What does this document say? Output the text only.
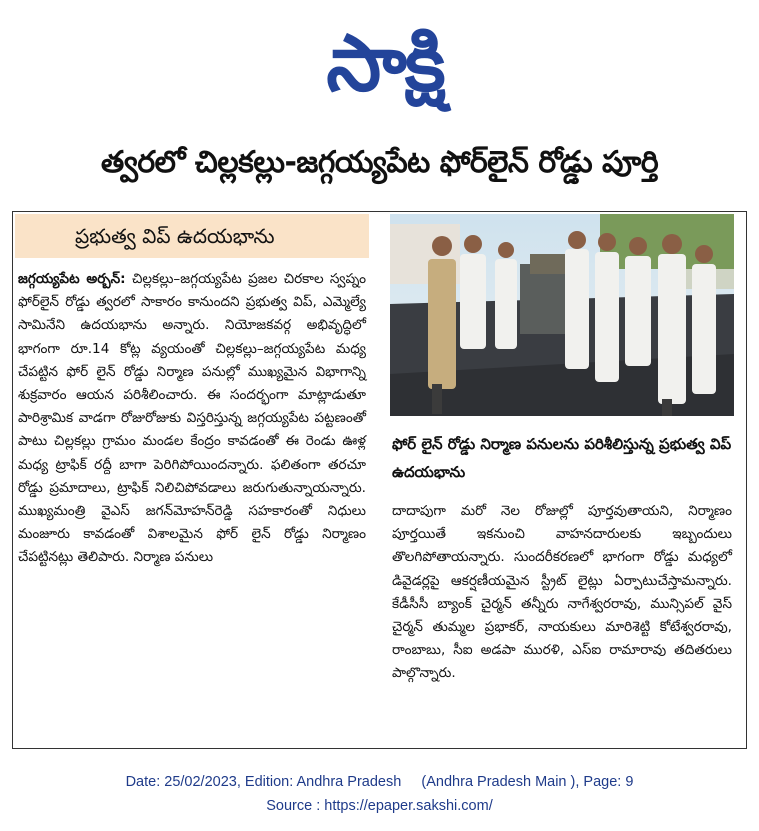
సాక్షి
త్వరలో చిల్లకల్లు-జగ్గయ్యపేట ఫోర్‌లైన్ రోడ్డు పూర్తి
ప్రభుత్వ విప్ ఉదయభాను
జగ్గయ్యపేట అర్బన్: చిల్లకల్లు–జగ్గయ్యపేట ప్రజల చిరకాల స్వప్నం ఫోర్‌లైన్ రోడ్డు త్వరలో సాకారం కానుందని ప్రభుత్వ విప్, ఎమ్మెల్యే సామినేని ఉదయభాను అన్నారు. నియోజకవర్గ అభివృద్ధిలో భాగంగా రూ.14 కోట్ల వ్యయంతో చిల్లకల్లు–జగ్గయ్యపేట మధ్య చేపట్టిన ఫోర్ లైన్ రోడ్డు నిర్మాణ పనుల్లో ముఖ్యమైన విభాగాన్ని శుక్రవారం ఆయన పరిశీలించారు. ఈ సందర్భంగా మాట్లాడుతూ పారిశ్రామిక వాడగా రోజురోజుకు విస్తరిస్తున్న జగ్గయ్యపేట పట్టణంతో పాటు చిల్లకల్లు గ్రామం మండల కేంద్రం కావడంతో ఈ రెండు ఊళ్ల మధ్య ట్రాఫిక్ రద్దీ బాగా పెరిగిపోయిందన్నారు. ఫలితంగా తరచూ రోడ్డు ప్రమాదాలు, ట్రాఫిక్ నిలిచిపోవడాలు జరుగుతున్నాయన్నారు. ముఖ్యమంత్రి వైఎస్ జగన్‌మోహన్‌రెడ్డి సహకారంతో నిధులు మంజూరు కావడంతో విశాలమైన ఫోర్ లైన్ రోడ్డు నిర్మాణం చేపట్టినట్లు తెలిపారు. నిర్మాణ పనులు
ఫోర్ లైన్ రోడ్డు నిర్మాణ పనులను పరిశీలిస్తున్న ప్రభుత్వ విప్ ఉదయభాను
దాదాపుగా మరో నెల రోజుల్లో పూర్తవుతాయని, నిర్మాణం పూర్తయితే ఇకనుంచి వాహనదారులకు ఇబ్బందులు తొలగిపోతాయన్నారు. సుందరీకరణలో భాగంగా రోడ్డు మధ్యలో డివైడర్లపై ఆకర్షణీయమైన స్ట్రీట్ లైట్లు ఏర్పాటుచేస్తామన్నారు. కేడీసీసీ బ్యాంక్ చైర్మన్ తన్నీరు నాగేశ్వరరావు, మున్సిపల్ వైస్ చైర్మన్ తుమ్మల ప్రభాకర్, నాయకులు మారిశెట్టి కోటేశ్వరరావు, రాంబాబు, సీఐ అడపా మురళి, ఎస్‌ఐ రామారావు తదితరులు పాల్గొన్నారు.
Date: 25/02/2023, Edition: Andhra Pradesh     (Andhra Pradesh Main ), Page: 9
Source : https://epaper.sakshi.com/
